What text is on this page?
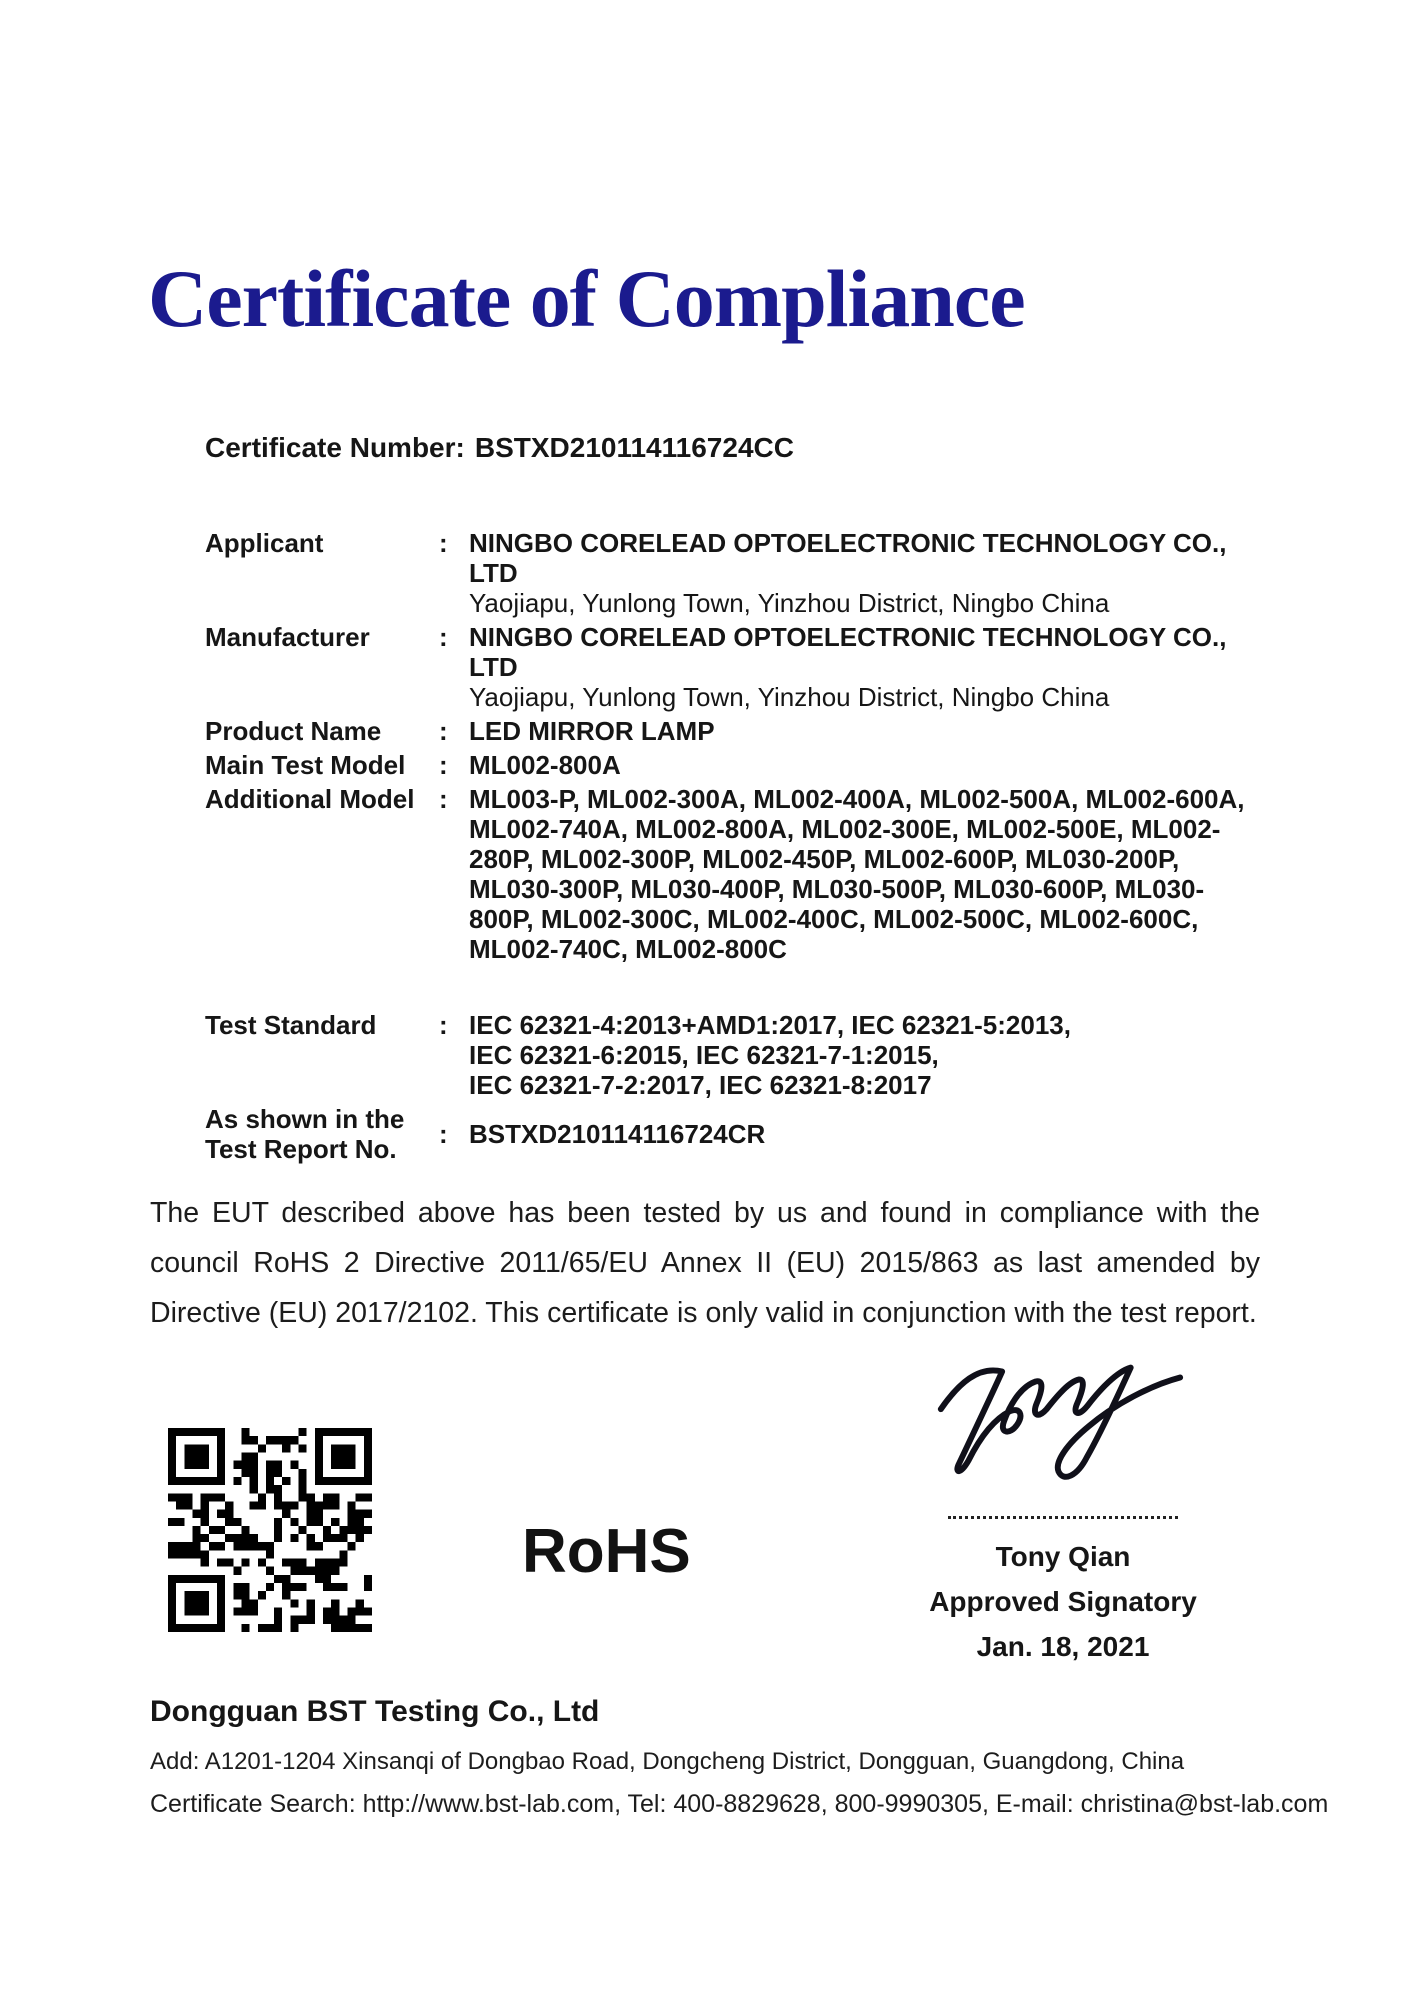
Certificate of Compliance
Certificate Number: BSTXD210114116724CC
Applicant	: NINGBO CORELEAD OPTOELECTRONIC TECHNOLOGY CO., LTD
Yaojiapu, Yunlong Town, Yinzhou District, Ningbo China
Manufacturer	: NINGBO CORELEAD OPTOELECTRONIC TECHNOLOGY CO., LTD
Yaojiapu, Yunlong Town, Yinzhou District, Ningbo China
Product Name	: LED MIRROR LAMP
Main Test Model	: ML002-800A
Additional Model : ML003-P, ML002-300A, ML002-400A, ML002-500A, ML002-600A, ML002-740A, ML002-800A, ML002-300E, ML002-500E, ML002-280P, ML002-300P, ML002-450P, ML002-600P, ML030-200P, ML030-300P, ML030-400P, ML030-500P, ML030-600P, ML030-800P, ML002-300C, ML002-400C, ML002-500C, ML002-600C, ML002-740C, ML002-800C
Test Standard	: IEC 62321-4:2013+AMD1:2017, IEC 62321-5:2013,
IEC 62321-6:2015, IEC 62321-7-1:2015,
IEC 62321-7-2:2017, IEC 62321-8:2017
As shown in the Test Report No.	: BSTXD210114116724CR

The EUT described above has been tested by us and found in compliance with the council RoHS 2 Directive 2011/65/EU Annex II (EU) 2015/863 as last amended by Directive (EU) 2017/2102. This certificate is only valid in conjunction with the test report.

Tony Qian
Approved Signatory
Jan. 18, 2021
RoHS
Dongguan BST Testing Co., Ltd
Add: A1201-1204 Xinsanqi of Dongbao Road, Dongcheng District, Dongguan, Guangdong, China
Certificate Search: http://www.bst-lab.com, Tel: 400-8829628, 800-9990305, E-mail: christina@bst-lab.com
